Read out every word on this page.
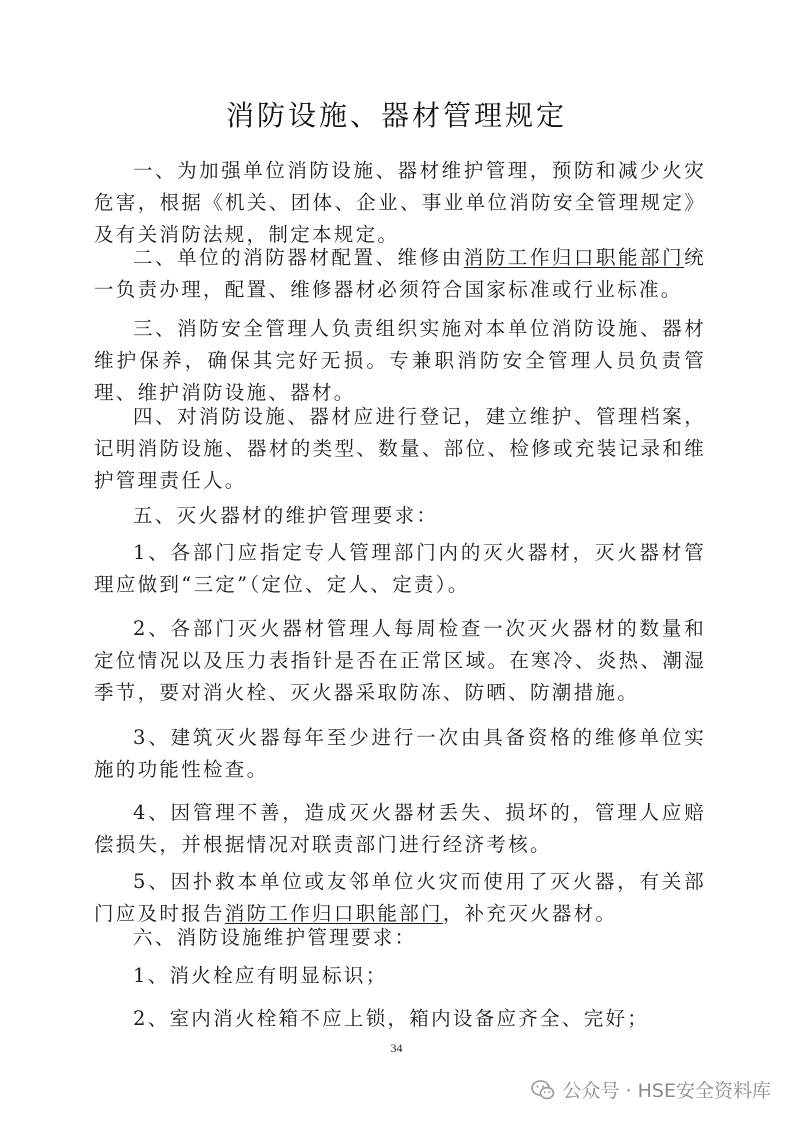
消防设施、器材管理规定

一、为加强单位消防设施、器材维护管理，预防和减少火灾危害，根据《机关、团体、企业、事业单位消防安全管理规定》及有关消防法规，制定本规定。

二、单位的消防器材配置、维修由消防工作归口职能部门统一负责办理，配置、维修器材必须符合国家标准或行业标准。

三、消防安全管理人负责组织实施对本单位消防设施、器材维护保养，确保其完好无损。专兼职消防安全管理人员负责管理、维护消防设施、器材。

四、对消防设施、器材应进行登记，建立维护、管理档案，记明消防设施、器材的类型、数量、部位、检修或充装记录和维护管理责任人。

五、灭火器材的维护管理要求：

1、各部门应指定专人管理部门内的灭火器材，灭火器材管理应做到“三定”（定位、定人、定责）。

2、各部门灭火器材管理人每周检查一次灭火器材的数量和定位情况以及压力表指针是否在正常区域。在寒冷、炎热、潮湿季节，要对消火栓、灭火器采取防冻、防晒、防潮措施。

3、建筑灭火器每年至少进行一次由具备资格的维修单位实施的功能性检查。

4、因管理不善，造成灭火器材丢失、损坏的，管理人应赔偿损失，并根据情况对联责部门进行经济考核。

5、因扑救本单位或友邻单位火灾而使用了灭火器，有关部门应及时报告消防工作归口职能部门，补充灭火器材。

六、消防设施维护管理要求：

1、消火栓应有明显标识；

2、室内消火栓箱不应上锁，箱内设备应齐全、完好；

34
公众号 · HSE安全资料库
